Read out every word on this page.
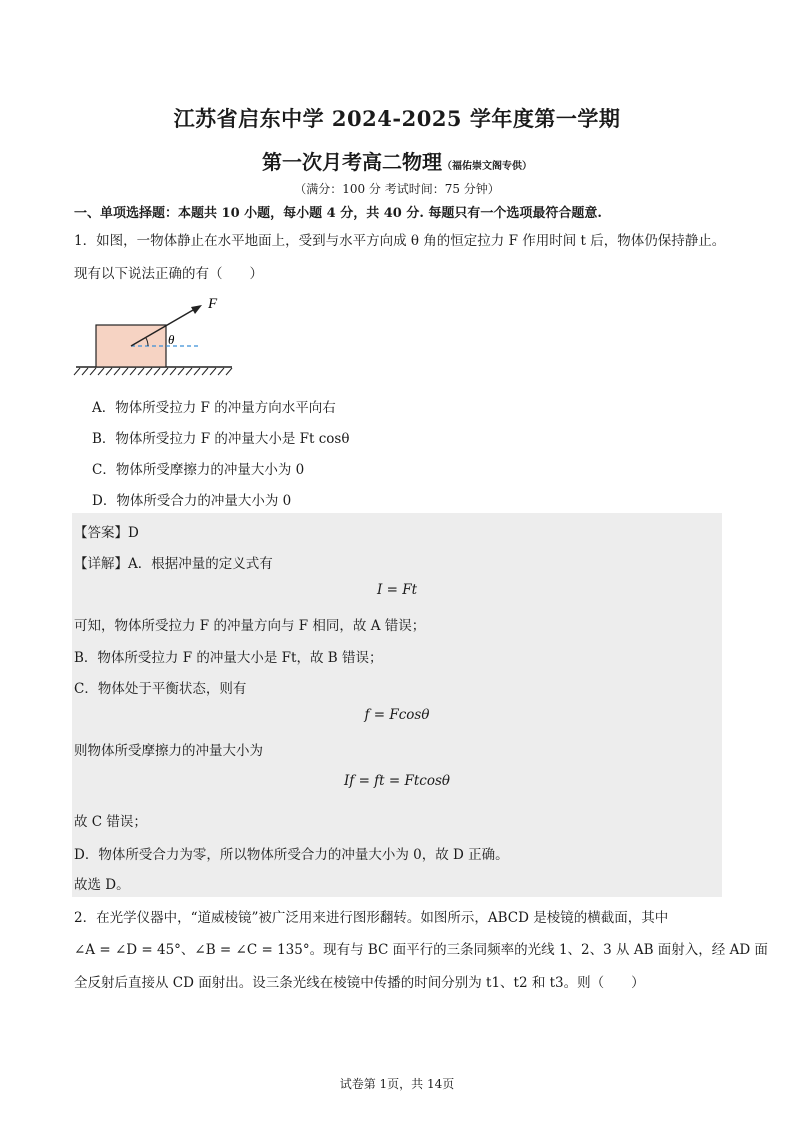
江苏省启东中学 2024-2025 学年度第一学期
第一次月考高二物理（福佑崇文阁专供）
（满分：100 分 考试时间：75 分钟）
一、单项选择题：本题共 10 小题，每小题 4 分，共 40 分. 每题只有一个选项最符合题意.
1．如图，一物体静止在水平地面上，受到与水平方向成 θ 角的恒定拉力 F 作用时间 t 后，物体仍保持静止。
现有以下说法正确的有（　　）
F
θ
A．物体所受拉力 F 的冲量方向水平向右
B．物体所受拉力 F 的冲量大小是 Ft cosθ
C．物体所受摩擦力的冲量大小为 0
D．物体所受合力的冲量大小为 0
【答案】D
【详解】A．根据冲量的定义式有
I = Ft
可知，物体所受拉力 F 的冲量方向与 F 相同，故 A 错误；
B．物体所受拉力 F 的冲量大小是 Ft，故 B 错误；
C．物体处于平衡状态，则有
f = Fcosθ
则物体所受摩擦力的冲量大小为
If = ft = Ftcosθ
故 C 错误；
D．物体所受合力为零，所以物体所受合力的冲量大小为 0，故 D 正确。
故选 D。
2．在光学仪器中，“道威棱镜”被广泛用来进行图形翻转。如图所示，ABCD 是棱镜的横截面，其中
∠A = ∠D = 45°、∠B = ∠C = 135°。现有与 BC 面平行的三条同频率的光线 1、2、3 从 AB 面射入，经 AD 面
全反射后直接从 CD 面射出。设三条光线在棱镜中传播的时间分别为 t1、t2 和 t3。则（　　）
试卷第 1页，共 14页
